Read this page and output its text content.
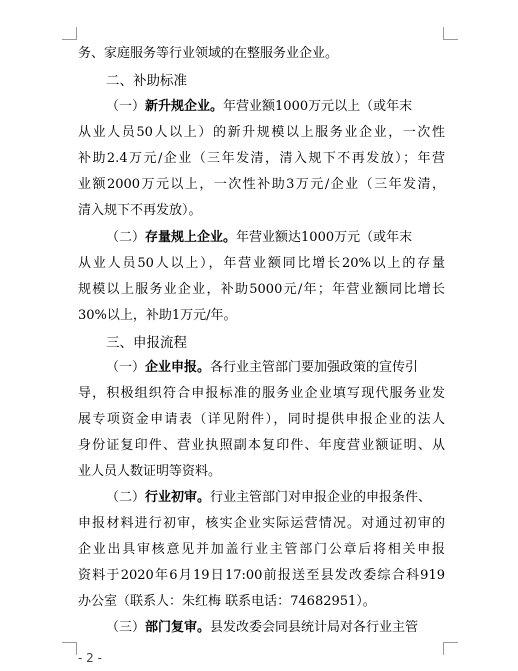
务、家庭服务等行业领域的在整服务业企业。
二、补助标准
（一）新升规企业。年营业额1000万元以上（或年末
从业人员50人以上）的新升规模以上服务业企业，一次性
补助2.4万元/企业（三年发清，清入规下不再发放）；年营
业额2000万元以上，一次性补助3万元/企业（三年发清，
清入规下不再发放）。
（二）存量规上企业。年营业额达1000万元（或年末
从业人员50人以上），年营业额同比增长20%以上的存量
规模以上服务业企业，补助5000元/年；年营业额同比增长
30%以上，补助1万元/年。
三、申报流程
（一）企业申报。各行业主管部门要加强政策的宣传引
导，积极组织符合申报标准的服务业企业填写现代服务业发
展专项资金申请表（详见附件），同时提供申报企业的法人
身份证复印件、营业执照副本复印件、年度营业额证明、从
业人员人数证明等资料。
（二）行业初审。行业主管部门对申报企业的申报条件、
申报材料进行初审，核实企业实际运营情况。对通过初审的
企业出具审核意见并加盖行业主管部门公章后将相关申报
资料于2020年6月19日17:00前报送至县发改委综合科919
办公室（联系人：朱红梅 联系电话：74682951）。
（三）部门复审。县发改委会同县统计局对各行业主管
- 2 -
